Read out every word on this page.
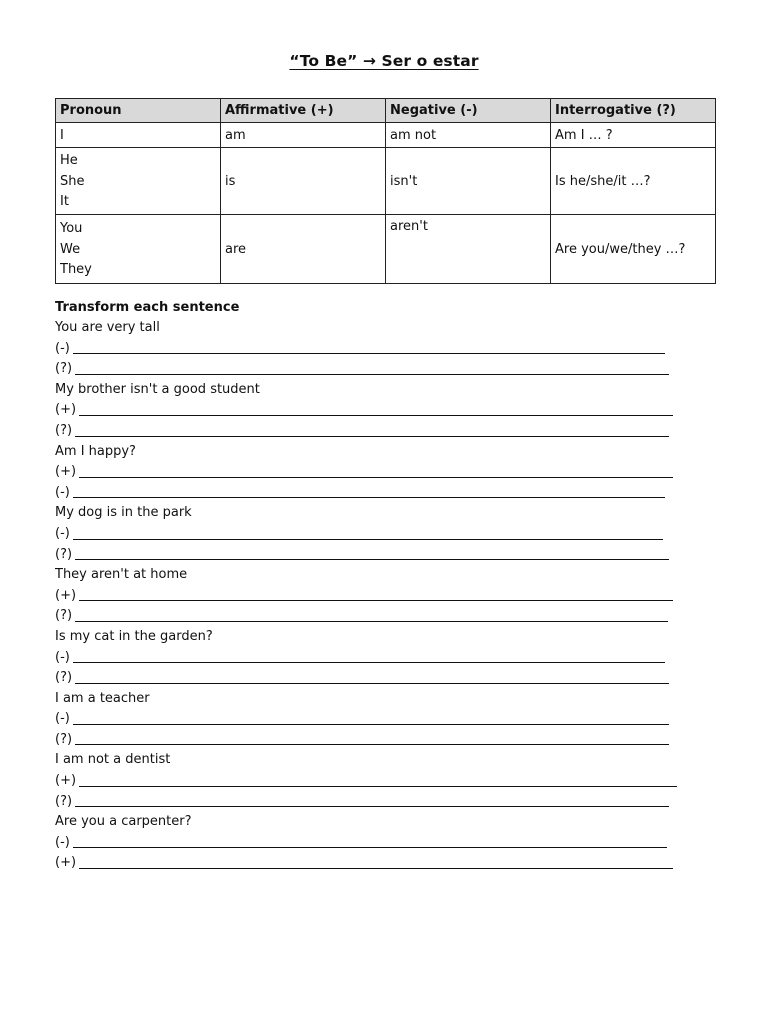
“To Be” → Ser o estar
Pronoun	Affirmative (+)	Negative (-)	Interrogative (?)

I	am	am not	Am I … ?

He
She
It	is	isn't	Is he/she/it …?

You
We
They	are	aren't	Are you/we/they …?
Transform each sentence
You are very tall
(-)
(?)
My brother isn't a good student
(+)
(?)
Am I happy?
(+)
(-)
My dog is in the park
(-)
(?)
They aren't at home
(+)
(?)
Is my cat in the garden?
(-)
(?)
I am a teacher
(-)
(?)
I am not a dentist
(+)
(?)
Are you a carpenter?
(-)
(+)
